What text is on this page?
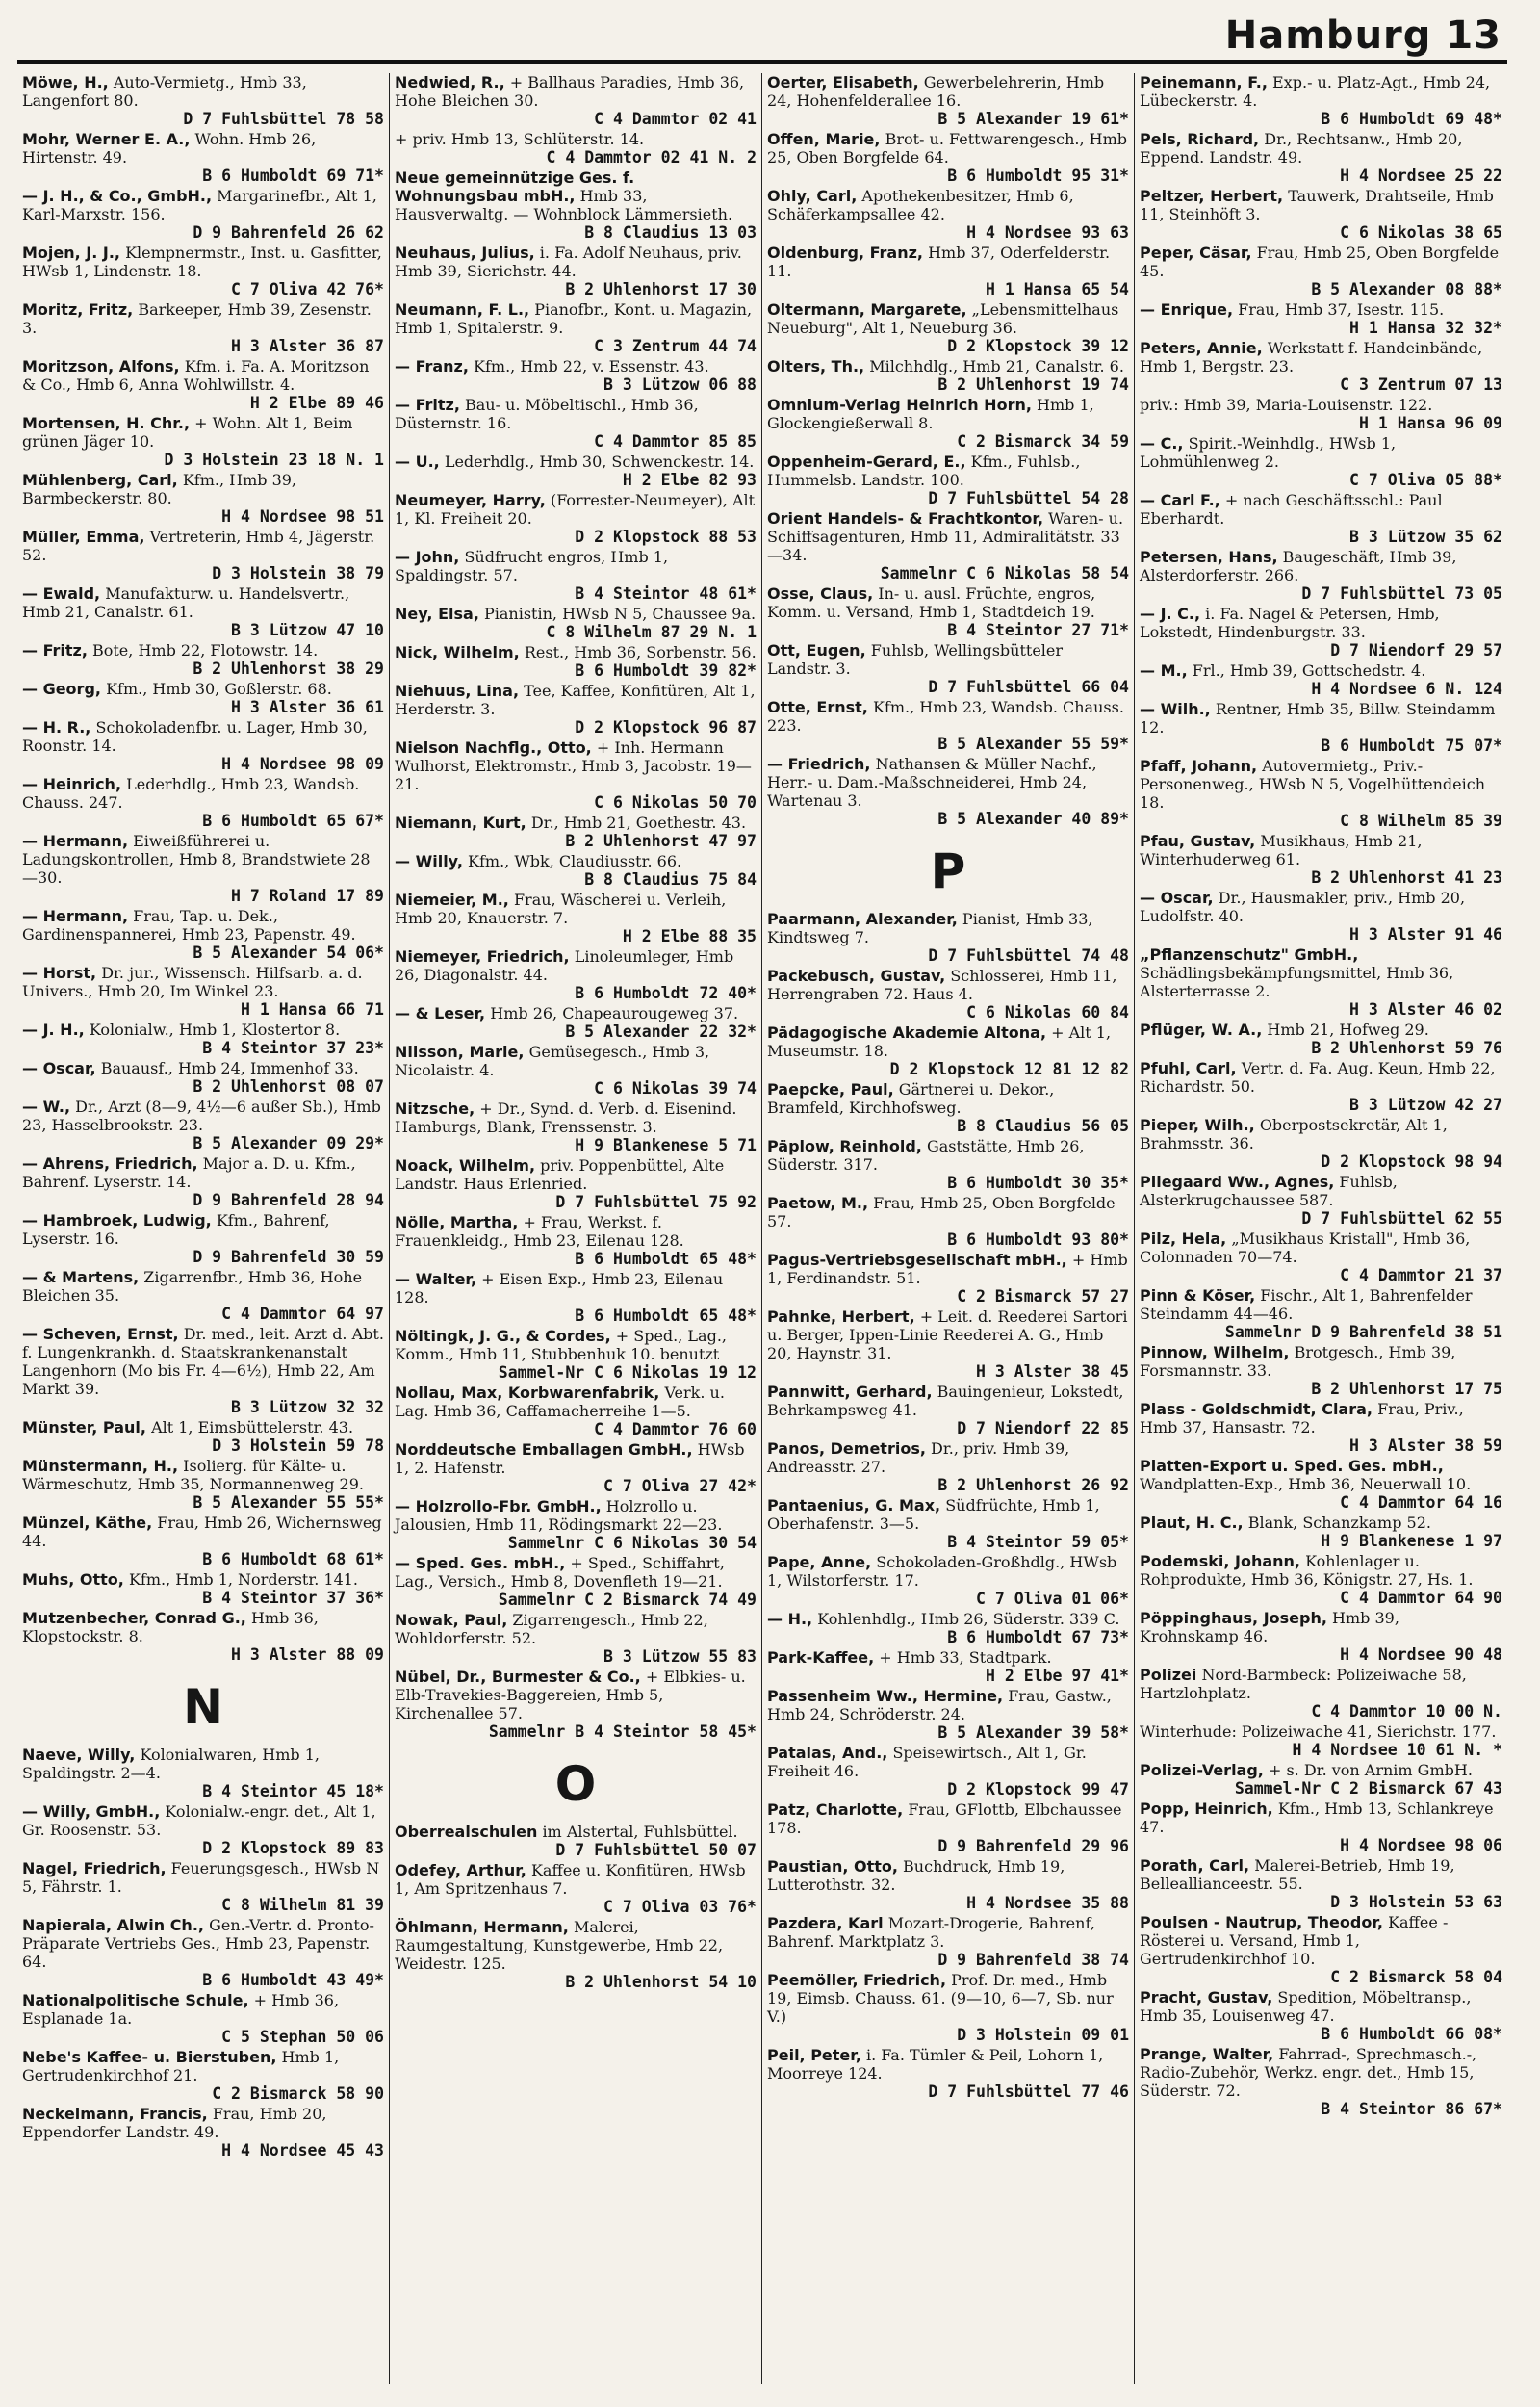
Hamburg 13
Möwe, H., Auto-Vermietg., Hmb 33, Langenfort 80.
D 7 Fuhlsbüttel 78 58
Mohr, Werner E. A., Wohn. Hmb 26, Hirtenstr. 49.
B 6 Humboldt 69 71*
— J. H., & Co., GmbH., Margarinefbr., Alt 1, Karl-Marxstr. 156.
D 9 Bahrenfeld 26 62
Mojen, J. J., Klempnermstr., Inst. u. Gasfitter, HWsb 1, Lindenstr. 18.
C 7 Oliva 42 76*
Moritz, Fritz, Barkeeper, Hmb 39, Zesenstr. 3.
H 3 Alster 36 87
Moritzson, Alfons, Kfm. i. Fa. A. Moritzson & Co., Hmb 6, Anna Wohlwillstr. 4.
H 2 Elbe 89 46
Mortensen, H. Chr., + Wohn. Alt 1, Beim grünen Jäger 10.
D 3 Holstein 23 18 N. 1
Mühlenberg, Carl, Kfm., Hmb 39, Barmbeckerstr. 80.
H 4 Nordsee 98 51
Müller, Emma, Vertreterin, Hmb 4, Jägerstr. 52.
D 3 Holstein 38 79
— Ewald, Manufakturw. u. Handelsvertr., Hmb 21, Canalstr. 61.
B 3 Lützow 47 10
— Fritz, Bote, Hmb 22, Flotowstr. 14.
B 2 Uhlenhorst 38 29
— Georg, Kfm., Hmb 30, Goßlerstr. 68.
H 3 Alster 36 61
— H. R., Schokoladenfbr. u. Lager, Hmb 30, Roonstr. 14.
H 4 Nordsee 98 09
— Heinrich, Lederhdlg., Hmb 23, Wandsb. Chauss. 247.
B 6 Humboldt 65 67*
— Hermann, Eiweißführerei u. Ladungskontrollen, Hmb 8, Brandstwiete 28—30.
H 7 Roland 17 89
— Hermann, Frau, Tap. u. Dek., Gardinenspannerei, Hmb 23, Papenstr. 49.
B 5 Alexander 54 06*
— Horst, Dr. jur., Wissensch. Hilfsarb. a. d. Univers., Hmb 20, Im Winkel 23.
H 1 Hansa 66 71
— J. H., Kolonialw., Hmb 1, Klostertor 8.
B 4 Steintor 37 23*
— Oscar, Bauausf., Hmb 24, Immenhof 33.
B 2 Uhlenhorst 08 07
— W., Dr., Arzt (8—9, 4½—6 außer Sb.), Hmb 23, Hasselbrookstr. 23.
B 5 Alexander 09 29*
— Ahrens, Friedrich, Major a. D. u. Kfm., Bahrenf. Lyserstr. 14.
D 9 Bahrenfeld 28 94
— Hambroek, Ludwig, Kfm., Bahrenf, Lyserstr. 16.
D 9 Bahrenfeld 30 59
— & Martens, Zigarrenfbr., Hmb 36, Hohe Bleichen 35.
C 4 Dammtor 64 97
— Scheven, Ernst, Dr. med., leit. Arzt d. Abt. f. Lungenkrankh. d. Staatskrankenanstalt Langenhorn (Mo bis Fr. 4—6½), Hmb 22, Am Markt 39.
B 3 Lützow 32 32
Münster, Paul, Alt 1, Eimsbüttelerstr. 43.
D 3 Holstein 59 78
Münstermann, H., Isolierg. für Kälte- u. Wärmeschutz, Hmb 35, Normannenweg 29.
B 5 Alexander 55 55*
Münzel, Käthe, Frau, Hmb 26, Wichernsweg 44.
B 6 Humboldt 68 61*
Muhs, Otto, Kfm., Hmb 1, Norderstr. 141.
B 4 Steintor 37 36*
Mutzenbecher, Conrad G., Hmb 36, Klopstockstr. 8.
H 3 Alster 88 09
N
Naeve, Willy, Kolonialwaren, Hmb 1, Spaldingstr. 2—4.
B 4 Steintor 45 18*
— Willy, GmbH., Kolonialw.-engr. det., Alt 1, Gr. Roosenstr. 53.
D 2 Klopstock 89 83
Nagel, Friedrich, Feuerungsgesch., HWsb N 5, Fährstr. 1.
C 8 Wilhelm 81 39
Napierala, Alwin Ch., Gen.-Vertr. d. Pronto-Präparate Vertriebs Ges., Hmb 23, Papenstr. 64.
B 6 Humboldt 43 49*
Nationalpolitische Schule, + Hmb 36, Esplanade 1a.
C 5 Stephan 50 06
Nebe's Kaffee- u. Bierstuben, Hmb 1, Gertrudenkirchhof 21.
C 2 Bismarck 58 90
Neckelmann, Francis, Frau, Hmb 20, Eppendorfer Landstr. 49.
H 4 Nordsee 45 43
Nedwied, R., + Ballhaus Paradies, Hmb 36, Hohe Bleichen 30.
C 4 Dammtor 02 41
+ priv. Hmb 13, Schlüterstr. 14.
C 4 Dammtor 02 41 N. 2
Neue gemeinnützige Ges. f. Wohnungsbau mbH., Hmb 33, Hausverwaltg. — Wohnblock Lämmersieth.
B 8 Claudius 13 03
Neuhaus, Julius, i. Fa. Adolf Neuhaus, priv. Hmb 39, Sierichstr. 44.
B 2 Uhlenhorst 17 30
Neumann, F. L., Pianofbr., Kont. u. Magazin, Hmb 1, Spitalerstr. 9.
C 3 Zentrum 44 74
— Franz, Kfm., Hmb 22, v. Essenstr. 43.
B 3 Lützow 06 88
— Fritz, Bau- u. Möbeltischl., Hmb 36, Düsternstr. 16.
C 4 Dammtor 85 85
— U., Lederhdlg., Hmb 30, Schwenckestr. 14.
H 2 Elbe 82 93
Neumeyer, Harry, (Forrester-Neumeyer), Alt 1, Kl. Freiheit 20.
D 2 Klopstock 88 53
— John, Südfrucht engros, Hmb 1, Spaldingstr. 57.
B 4 Steintor 48 61*
Ney, Elsa, Pianistin, HWsb N 5, Chaussee 9a.
C 8 Wilhelm 87 29 N. 1
Nick, Wilhelm, Rest., Hmb 36, Sorbenstr. 56.
B 6 Humboldt 39 82*
Niehuus, Lina, Tee, Kaffee, Konfitüren, Alt 1, Herderstr. 3.
D 2 Klopstock 96 87
Nielson Nachflg., Otto, + Inh. Hermann Wulhorst, Elektromstr., Hmb 3, Jacobstr. 19—21.
C 6 Nikolas 50 70
Niemann, Kurt, Dr., Hmb 21, Goethestr. 43.
B 2 Uhlenhorst 47 97
— Willy, Kfm., Wbk, Claudiusstr. 66.
B 8 Claudius 75 84
Niemeier, M., Frau, Wäscherei u. Verleih, Hmb 20, Knauerstr. 7.
H 2 Elbe 88 35
Niemeyer, Friedrich, Linoleumleger, Hmb 26, Diagonalstr. 44.
B 6 Humboldt 72 40*
— & Leser, Hmb 26, Chapeaurougeweg 37.
B 5 Alexander 22 32*
Nilsson, Marie, Gemüsegesch., Hmb 3, Nicolaistr. 4.
C 6 Nikolas 39 74
Nitzsche, + Dr., Synd. d. Verb. d. Eisenind. Hamburgs, Blank, Frenssenstr. 3.
H 9 Blankenese 5 71
Noack, Wilhelm, priv. Poppenbüttel, Alte Landstr. Haus Erlenried.
D 7 Fuhlsbüttel 75 92
Nölle, Martha, + Frau, Werkst. f. Frauenkleidg., Hmb 23, Eilenau 128.
B 6 Humboldt 65 48*
— Walter, + Eisen Exp., Hmb 23, Eilenau 128.
B 6 Humboldt 65 48*
Nöltingk, J. G., & Cordes, + Sped., Lag., Komm., Hmb 11, Stubbenhuk 10. benutzt
Sammel-Nr C 6 Nikolas 19 12
Nollau, Max, Korbwarenfabrik, Verk. u. Lag. Hmb 36, Caffamacherreihe 1—5.
C 4 Dammtor 76 60
Norddeutsche Emballagen GmbH., HWsb 1, 2. Hafenstr.
C 7 Oliva 27 42*
— Holzrollo-Fbr. GmbH., Holzrollo u. Jalousien, Hmb 11, Rödingsmarkt 22—23.
Sammelnr C 6 Nikolas 30 54
— Sped. Ges. mbH., + Sped., Schiffahrt, Lag., Versich., Hmb 8, Dovenfleth 19—21.
Sammelnr C 2 Bismarck 74 49
Nowak, Paul, Zigarrengesch., Hmb 22, Wohldorferstr. 52.
B 3 Lützow 55 83
Nübel, Dr., Burmester & Co., + Elbkies- u. Elb-Travekies-Baggereien, Hmb 5, Kirchenallee 57.
Sammelnr B 4 Steintor 58 45*
O
Oberrealschulen im Alstertal, Fuhlsbüttel.
D 7 Fuhlsbüttel 50 07
Odefey, Arthur, Kaffee u. Konfitüren, HWsb 1, Am Spritzenhaus 7.
C 7 Oliva 03 76*
Öhlmann, Hermann, Malerei, Raumgestaltung, Kunstgewerbe, Hmb 22, Weidestr. 125.
B 2 Uhlenhorst 54 10
Oerter, Elisabeth, Gewerbelehrerin, Hmb 24, Hohenfelderallee 16.
B 5 Alexander 19 61*
Offen, Marie, Brot- u. Fettwarengesch., Hmb 25, Oben Borgfelde 64.
B 6 Humboldt 95 31*
Ohly, Carl, Apothekenbesitzer, Hmb 6, Schäferkampsallee 42.
H 4 Nordsee 93 63
Oldenburg, Franz, Hmb 37, Oderfelderstr. 11.
H 1 Hansa 65 54
Oltermann, Margarete, „Lebensmittelhaus Neueburg", Alt 1, Neueburg 36.
D 2 Klopstock 39 12
Olters, Th., Milchhdlg., Hmb 21, Canalstr. 6.
B 2 Uhlenhorst 19 74
Omnium-Verlag Heinrich Horn, Hmb 1, Glockengießerwall 8.
C 2 Bismarck 34 59
Oppenheim-Gerard, E., Kfm., Fuhlsb., Hummelsb. Landstr. 100.
D 7 Fuhlsbüttel 54 28
Orient Handels- & Frachtkontor, Waren- u. Schiffsagenturen, Hmb 11, Admiralitätstr. 33—34.
Sammelnr C 6 Nikolas 58 54
Osse, Claus, In- u. ausl. Früchte, engros, Komm. u. Versand, Hmb 1, Stadtdeich 19.
B 4 Steintor 27 71*
Ott, Eugen, Fuhlsb, Wellingsbütteler Landstr. 3.
D 7 Fuhlsbüttel 66 04
Otte, Ernst, Kfm., Hmb 23, Wandsb. Chauss. 223.
B 5 Alexander 55 59*
— Friedrich, Nathansen & Müller Nachf., Herr.- u. Dam.-Maßschneiderei, Hmb 24, Wartenau 3.
B 5 Alexander 40 89*
P
Paarmann, Alexander, Pianist, Hmb 33, Kindtsweg 7.
D 7 Fuhlsbüttel 74 48
Packebusch, Gustav, Schlosserei, Hmb 11, Herrengraben 72. Haus 4.
C 6 Nikolas 60 84
Pädagogische Akademie Altona, + Alt 1, Museumstr. 18.
D 2 Klopstock 12 81 12 82
Paepcke, Paul, Gärtnerei u. Dekor., Bramfeld, Kirchhofsweg.
B 8 Claudius 56 05
Päplow, Reinhold, Gaststätte, Hmb 26, Süderstr. 317.
B 6 Humboldt 30 35*
Paetow, M., Frau, Hmb 25, Oben Borgfelde 57.
B 6 Humboldt 93 80*
Pagus-Vertriebsgesellschaft mbH., + Hmb 1, Ferdinandstr. 51.
C 2 Bismarck 57 27
Pahnke, Herbert, + Leit. d. Reederei Sartori u. Berger, Ippen-Linie Reederei A. G., Hmb 20, Haynstr. 31.
H 3 Alster 38 45
Pannwitt, Gerhard, Bauingenieur, Lokstedt, Behrkampsweg 41.
D 7 Niendorf 22 85
Panos, Demetrios, Dr., priv. Hmb 39, Andreasstr. 27.
B 2 Uhlenhorst 26 92
Pantaenius, G. Max, Südfrüchte, Hmb 1, Oberhafenstr. 3—5.
B 4 Steintor 59 05*
Pape, Anne, Schokoladen-Großhdlg., HWsb 1, Wilstorferstr. 17.
C 7 Oliva 01 06*
— H., Kohlenhdlg., Hmb 26, Süderstr. 339 C.
B 6 Humboldt 67 73*
Park-Kaffee, + Hmb 33, Stadtpark.
H 2 Elbe 97 41*
Passenheim Ww., Hermine, Frau, Gastw., Hmb 24, Schröderstr. 24.
B 5 Alexander 39 58*
Patalas, And., Speisewirtsch., Alt 1, Gr. Freiheit 46.
D 2 Klopstock 99 47
Patz, Charlotte, Frau, GFlottb, Elbchaussee 178.
D 9 Bahrenfeld 29 96
Paustian, Otto, Buchdruck, Hmb 19, Lutterothstr. 32.
H 4 Nordsee 35 88
Pazdera, Karl Mozart-Drogerie, Bahrenf, Bahrenf. Marktplatz 3.
D 9 Bahrenfeld 38 74
Peemöller, Friedrich, Prof. Dr. med., Hmb 19, Eimsb. Chauss. 61. (9—10, 6—7, Sb. nur V.)
D 3 Holstein 09 01
Peil, Peter, i. Fa. Tümler & Peil, Lohorn 1, Moorreye 124.
D 7 Fuhlsbüttel 77 46
Peinemann, F., Exp.- u. Platz-Agt., Hmb 24, Lübeckerstr. 4.
B 6 Humboldt 69 48*
Pels, Richard, Dr., Rechtsanw., Hmb 20, Eppend. Landstr. 49.
H 4 Nordsee 25 22
Peltzer, Herbert, Tauwerk, Drahtseile, Hmb 11, Steinhöft 3.
C 6 Nikolas 38 65
Peper, Cäsar, Frau, Hmb 25, Oben Borgfelde 45.
B 5 Alexander 08 88*
— Enrique, Frau, Hmb 37, Isestr. 115.
H 1 Hansa 32 32*
Peters, Annie, Werkstatt f. Handeinbände, Hmb 1, Bergstr. 23.
C 3 Zentrum 07 13
priv.: Hmb 39, Maria-Louisenstr. 122.
H 1 Hansa 96 09
— C., Spirit.-Weinhdlg., HWsb 1, Lohmühlenweg 2.
C 7 Oliva 05 88*
— Carl F., + nach Geschäftsschl.: Paul Eberhardt.
B 3 Lützow 35 62
Petersen, Hans, Baugeschäft, Hmb 39, Alsterdorferstr. 266.
D 7 Fuhlsbüttel 73 05
— J. C., i. Fa. Nagel & Petersen, Hmb, Lokstedt, Hindenburgstr. 33.
D 7 Niendorf 29 57
— M., Frl., Hmb 39, Gottschedstr. 4.
H 4 Nordsee 6 N. 124
— Wilh., Rentner, Hmb 35, Billw. Steindamm 12.
B 6 Humboldt 75 07*
Pfaff, Johann, Autovermietg., Priv.-Personenweg., HWsb N 5, Vogelhüttendeich 18.
C 8 Wilhelm 85 39
Pfau, Gustav, Musikhaus, Hmb 21, Winterhuderweg 61.
B 2 Uhlenhorst 41 23
— Oscar, Dr., Hausmakler, priv., Hmb 20, Ludolfstr. 40.
H 3 Alster 91 46
„Pflanzenschutz" GmbH., Schädlingsbekämpfungsmittel, Hmb 36, Alsterterrasse 2.
H 3 Alster 46 02
Pflüger, W. A., Hmb 21, Hofweg 29.
B 2 Uhlenhorst 59 76
Pfuhl, Carl, Vertr. d. Fa. Aug. Keun, Hmb 22, Richardstr. 50.
B 3 Lützow 42 27
Pieper, Wilh., Oberpostsekretär, Alt 1, Brahmsstr. 36.
D 2 Klopstock 98 94
Pilegaard Ww., Agnes, Fuhlsb, Alsterkrugchaussee 587.
D 7 Fuhlsbüttel 62 55
Pilz, Hela, „Musikhaus Kristall", Hmb 36, Colonnaden 70—74.
C 4 Dammtor 21 37
Pinn & Köser, Fischr., Alt 1, Bahrenfelder Steindamm 44—46.
Sammelnr D 9 Bahrenfeld 38 51
Pinnow, Wilhelm, Brotgesch., Hmb 39, Forsmannstr. 33.
B 2 Uhlenhorst 17 75
Plass - Goldschmidt, Clara, Frau, Priv., Hmb 37, Hansastr. 72.
H 3 Alster 38 59
Platten-Export u. Sped. Ges. mbH., Wandplatten-Exp., Hmb 36, Neuerwall 10.
C 4 Dammtor 64 16
Plaut, H. C., Blank, Schanzkamp 52.
H 9 Blankenese 1 97
Podemski, Johann, Kohlenlager u. Rohprodukte, Hmb 36, Königstr. 27, Hs. 1.
C 4 Dammtor 64 90
Pöppinghaus, Joseph, Hmb 39, Krohnskamp 46.
H 4 Nordsee 90 48
Polizei Nord-Barmbeck: Polizeiwache 58, Hartzlohplatz.
C 4 Dammtor 10 00 N.
Winterhude: Polizeiwache 41, Sierichstr. 177.
H 4 Nordsee 10 61 N. *
Polizei-Verlag, + s. Dr. von Arnim GmbH.
Sammel-Nr C 2 Bismarck 67 43
Popp, Heinrich, Kfm., Hmb 13, Schlankreye 47.
H 4 Nordsee 98 06
Porath, Carl, Malerei-Betrieb, Hmb 19, Belleallianceestr. 55.
D 3 Holstein 53 63
Poulsen - Nautrup, Theodor, Kaffee - Rösterei u. Versand, Hmb 1, Gertrudenkirchhof 10.
C 2 Bismarck 58 04
Pracht, Gustav, Spedition, Möbeltransp., Hmb 35, Louisenweg 47.
B 6 Humboldt 66 08*
Prange, Walter, Fahrrad-, Sprechmasch.-, Radio-Zubehör, Werkz. engr. det., Hmb 15, Süderstr. 72.
B 4 Steintor 86 67*
